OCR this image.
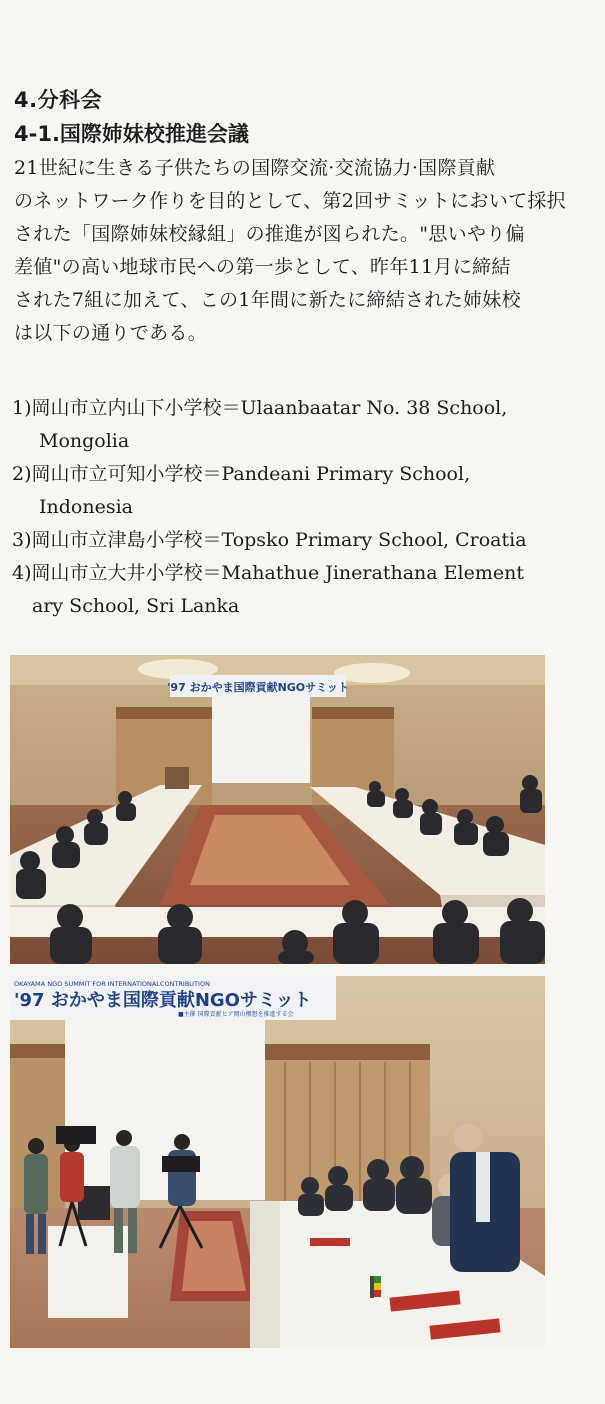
4.分科会
4-1.国際姉妹校推進会議
21世紀に生きる子供たちの国際交流·交流協力·国際貢献
のネットワーク作りを目的として、第2回サミットにおいて採択
された「国際姉妹校縁組」の推進が図られた。"思いやり偏
差値"の高い地球市民への第一歩として、昨年11月に締結
された7組に加えて、この1年間に新たに締結された姉妹校
は以下の通りである。
1)岡山市立内山下小学校＝Ulaanbaatar No. 38 School,
Mongolia
2)岡山市立可知小学校＝Pandeani Primary School,
Indonesia
3)岡山市立津島小学校＝Topsko Primary School, Croatia
4)岡山市立大井小学校＝Mahathue Jinerathana Element
ary School, Sri Lanka
'97 おかやま国際貢献NGOサミット
OKAYAMA NGO SUMMIT FOR INTERNATIONALCONTRIBUTION
'97 おかやま国際貢献NGOサミット
■主催 国際貢献ヒア岡山構想を推進する会
